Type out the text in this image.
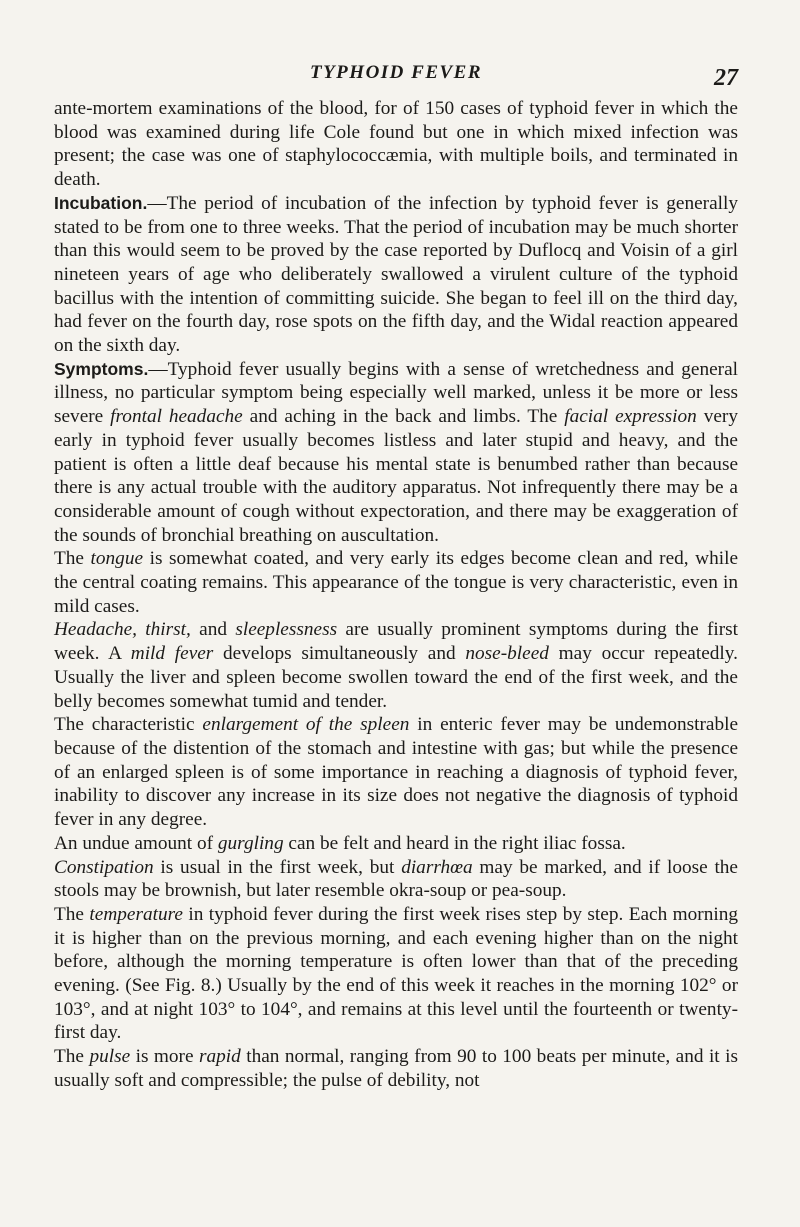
TYPHOID FEVER	27

ante-mortem examinations of the blood, for of 150 cases of typhoid fever in which the blood was examined during life Cole found but one in which mixed infection was present; the case was one of staphylococcæmia, with multiple boils, and terminated in death.

Incubation.—The period of incubation of the infection by typhoid fever is generally stated to be from one to three weeks. That the period of incubation may be much shorter than this would seem to be proved by the case reported by Duflocq and Voisin of a girl nineteen years of age who deliberately swallowed a virulent culture of the typhoid bacillus with the intention of committing suicide. She began to feel ill on the third day, had fever on the fourth day, rose spots on the fifth day, and the Widal reaction appeared on the sixth day.

Symptoms.—Typhoid fever usually begins with a sense of wretchedness and general illness, no particular symptom being especially well marked, unless it be more or less severe frontal headache and aching in the back and limbs. The facial expression very early in typhoid fever usually becomes listless and later stupid and heavy, and the patient is often a little deaf because his mental state is benumbed rather than because there is any actual trouble with the auditory apparatus. Not infrequently there may be a considerable amount of cough without expectoration, and there may be exaggeration of the sounds of bronchial breathing on auscultation.

The tongue is somewhat coated, and very early its edges become clean and red, while the central coating remains. This appearance of the tongue is very characteristic, even in mild cases.

Headache, thirst, and sleeplessness are usually prominent symptoms during the first week. A mild fever develops simultaneously and nose-bleed may occur repeatedly. Usually the liver and spleen become swollen toward the end of the first week, and the belly becomes somewhat tumid and tender.

The characteristic enlargement of the spleen in enteric fever may be undemonstrable because of the distention of the stomach and intestine with gas; but while the presence of an enlarged spleen is of some importance in reaching a diagnosis of typhoid fever, inability to discover any increase in its size does not negative the diagnosis of typhoid fever in any degree.

An undue amount of gurgling can be felt and heard in the right iliac fossa.

Constipation is usual in the first week, but diarrhœa may be marked, and if loose the stools may be brownish, but later resemble okra-soup or pea-soup.

The temperature in typhoid fever during the first week rises step by step. Each morning it is higher than on the previous morning, and each evening higher than on the night before, although the morning temperature is often lower than that of the preceding evening. (See Fig. 8.) Usually by the end of this week it reaches in the morning 102° or 103°, and at night 103° to 104°, and remains at this level until the fourteenth or twenty-first day.

The pulse is more rapid than normal, ranging from 90 to 100 beats per minute, and it is usually soft and compressible; the pulse of debility, not
